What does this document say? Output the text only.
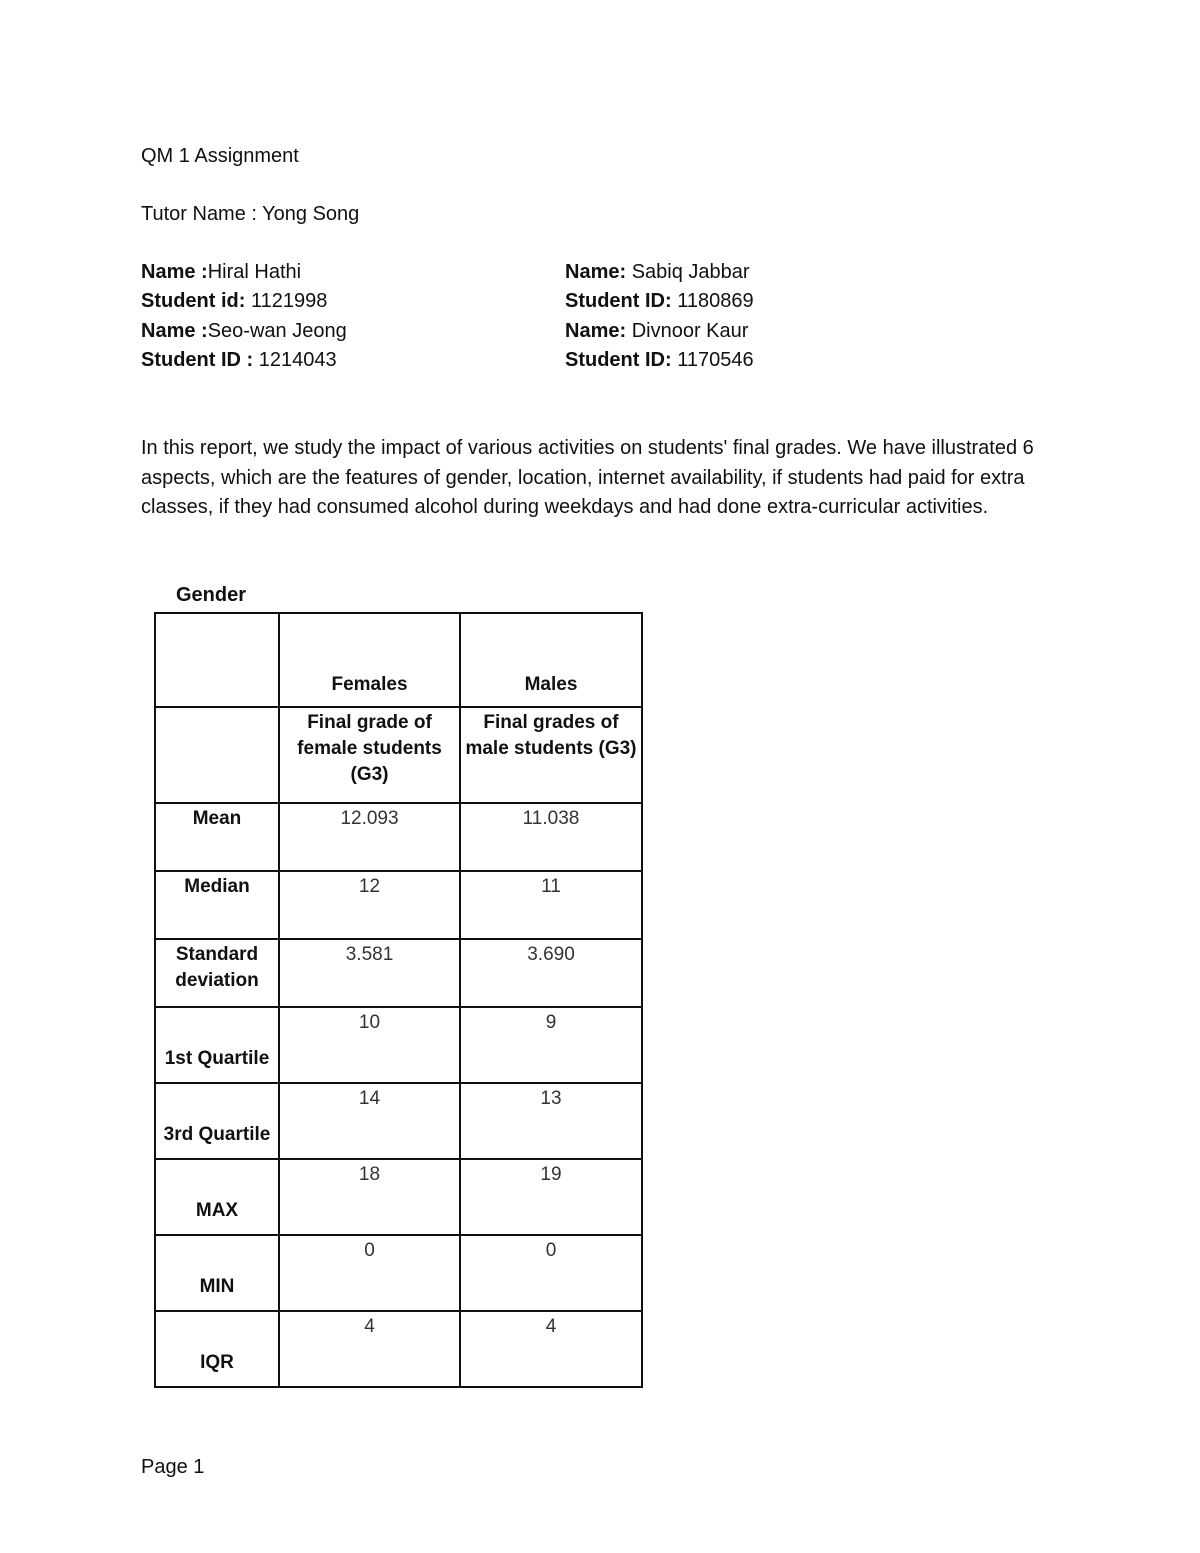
QM 1 Assignment
Tutor Name : Yong Song
Name :Hiral Hathi
Student id: 1121998
Name :Seo-wan Jeong
Student ID : 1214043
Name: Sabiq Jabbar
Student ID: 1180869
Name: Divnoor Kaur
Student ID: 1170546

In this report, we study the impact of various activities on students' final grades. We have illustrated 6 aspects, which are the features of gender, location, internet availability, if students had paid for extra classes, if they had consumed alcohol during weekdays and had done extra-curricular activities.

Gender
	Females	Males
	Final grade of female students (G3)	Final grades of male students (G3)
Mean	12.093	11.038
Median	12	11
Standard deviation	3.581	3.690
1st Quartile	10	9
3rd Quartile	14	13
MAX	18	19
MIN	0	0
IQR	4	4
Page 1
